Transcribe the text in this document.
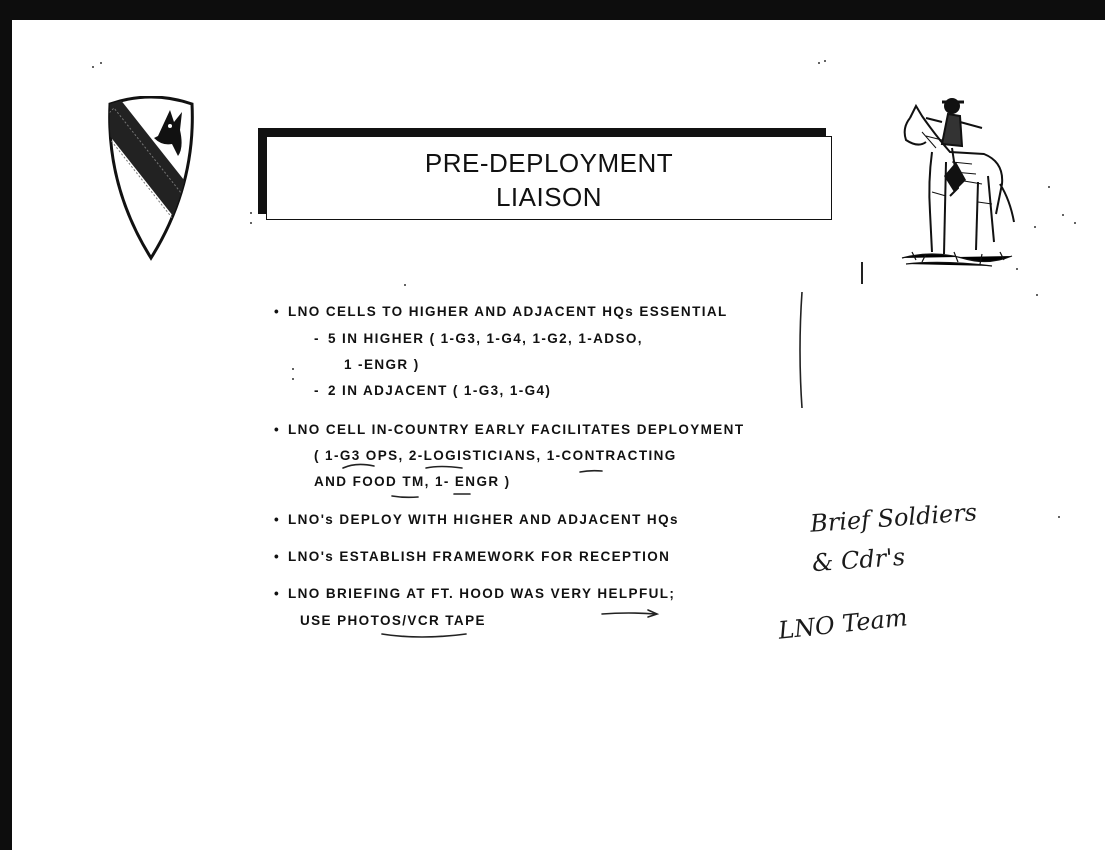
PRE-DEPLOYMENT
LIAISON
• LNO CELLS TO HIGHER AND ADJACENT HQs ESSENTIAL
- 5 IN HIGHER ( 1-G3, 1-G4, 1-G2, 1-ADSO,
1 -ENGR )
- 2 IN ADJACENT ( 1-G3, 1-G4)
• LNO CELL IN-COUNTRY EARLY FACILITATES DEPLOYMENT
( 1-G3 OPS, 2-LOGISTICIANS, 1-CONTRACTING
AND FOOD TM, 1- ENGR )
• LNO's DEPLOY WITH HIGHER AND ADJACENT HQs
• LNO's ESTABLISH FRAMEWORK FOR RECEPTION
• LNO BRIEFING AT FT. HOOD WAS VERY HELPFUL;
USE PHOTOS/VCR TAPE
Brief Soldiers
& Cdr's
LNO Team
